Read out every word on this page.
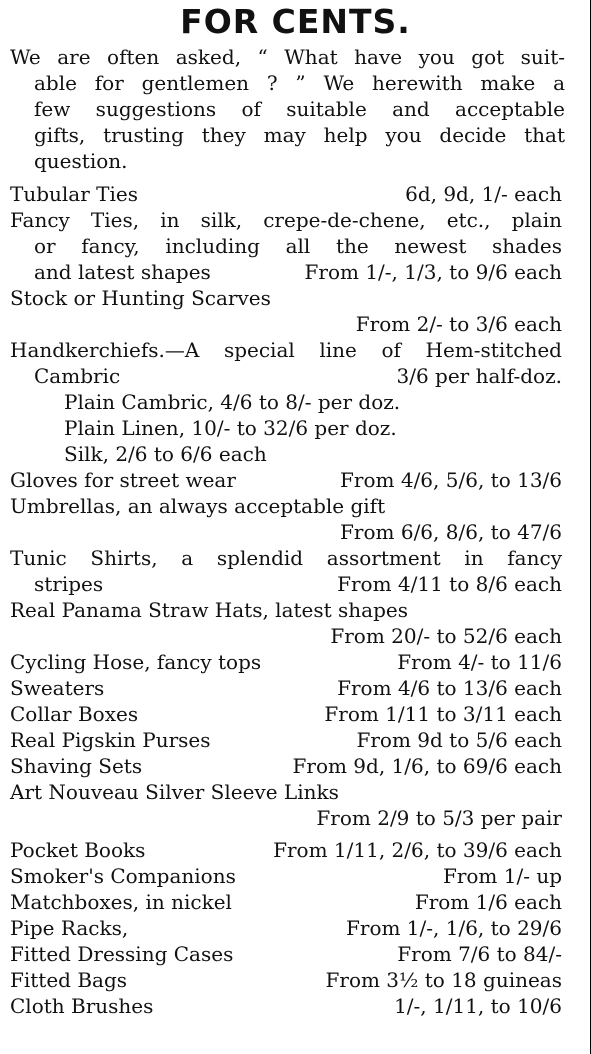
FOR CENTS.
We are often asked, “ What have you got suit-
able for gentlemen ? ” We herewith make a
few suggestions of suitable and acceptable
gifts, trusting they may help you decide that
question.
Tubular Ties	6d, 9d, 1/- each
Fancy Ties, in silk, crepe-de-chene, etc., plain
or fancy, including all the newest shades
and latest shapes	From 1/-, 1/3, to 9/6 each
Stock or Hunting Scarves
From 2/- to 3/6 each
Handkerchiefs.—A special line of Hem-stitched
Cambric	3/6 per half-doz.
Plain Cambric, 4/6 to 8/- per doz.
Plain Linen, 10/- to 32/6 per doz.
Silk, 2/6 to 6/6 each
Gloves for street wear	From 4/6, 5/6, to 13/6
Umbrellas, an always acceptable gift
From 6/6, 8/6, to 47/6
Tunic Shirts, a splendid assortment in fancy
stripes	From 4/11 to 8/6 each
Real Panama Straw Hats, latest shapes
From 20/- to 52/6 each
Cycling Hose, fancy tops	From 4/- to 11/6
Sweaters	From 4/6 to 13/6 each
Collar Boxes	From 1/11 to 3/11 each
Real Pigskin Purses	From 9d to 5/6 each
Shaving Sets	From 9d, 1/6, to 69/6 each
Art Nouveau Silver Sleeve Links
From 2/9 to 5/3 per pair
Pocket Books	From 1/11, 2/6, to 39/6 each
Smoker's Companions	From 1/- up
Matchboxes, in nickel	From 1/6 each
Pipe Racks,	From 1/-, 1/6, to 29/6
Fitted Dressing Cases	From 7/6 to 84/-
Fitted Bags	From 3½ to 18 guineas
Cloth Brushes	1/-, 1/11, to 10/6
